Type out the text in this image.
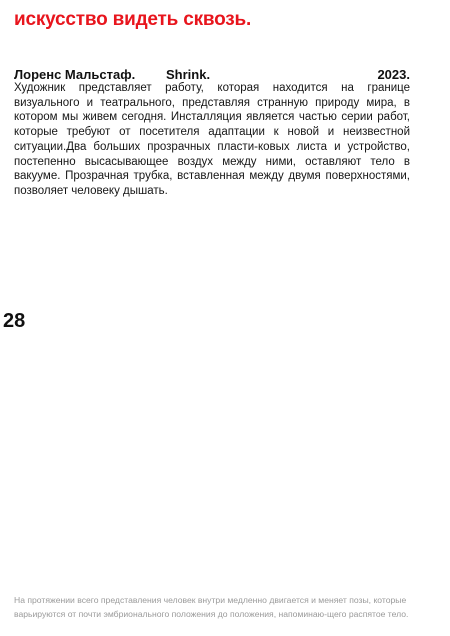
искусство видеть сквозь.
Лоренс Мальстаф. Shrink.	2023.

Художник представляет работу, которая находится на границе визуального и театрального, представляя странную природу мира, в котором мы живем сегодня. Инсталляция является частью серии работ, которые требуют от посетителя адаптации к новой и неизвестной ситуации.Два больших прозрачных пласти-ковых листа и устройство, постепенно высасывающее воздух между ними, оставляют тело в вакууме. Прозрачная трубка, вставленная между двумя поверхностями, позволяет человеку дышать.

28

На протяжении всего представления человек внутри медленно двигается и меняет позы, которые варьируются от почти эмбрионального положения до положения, напоминаю-щего распятое тело.
